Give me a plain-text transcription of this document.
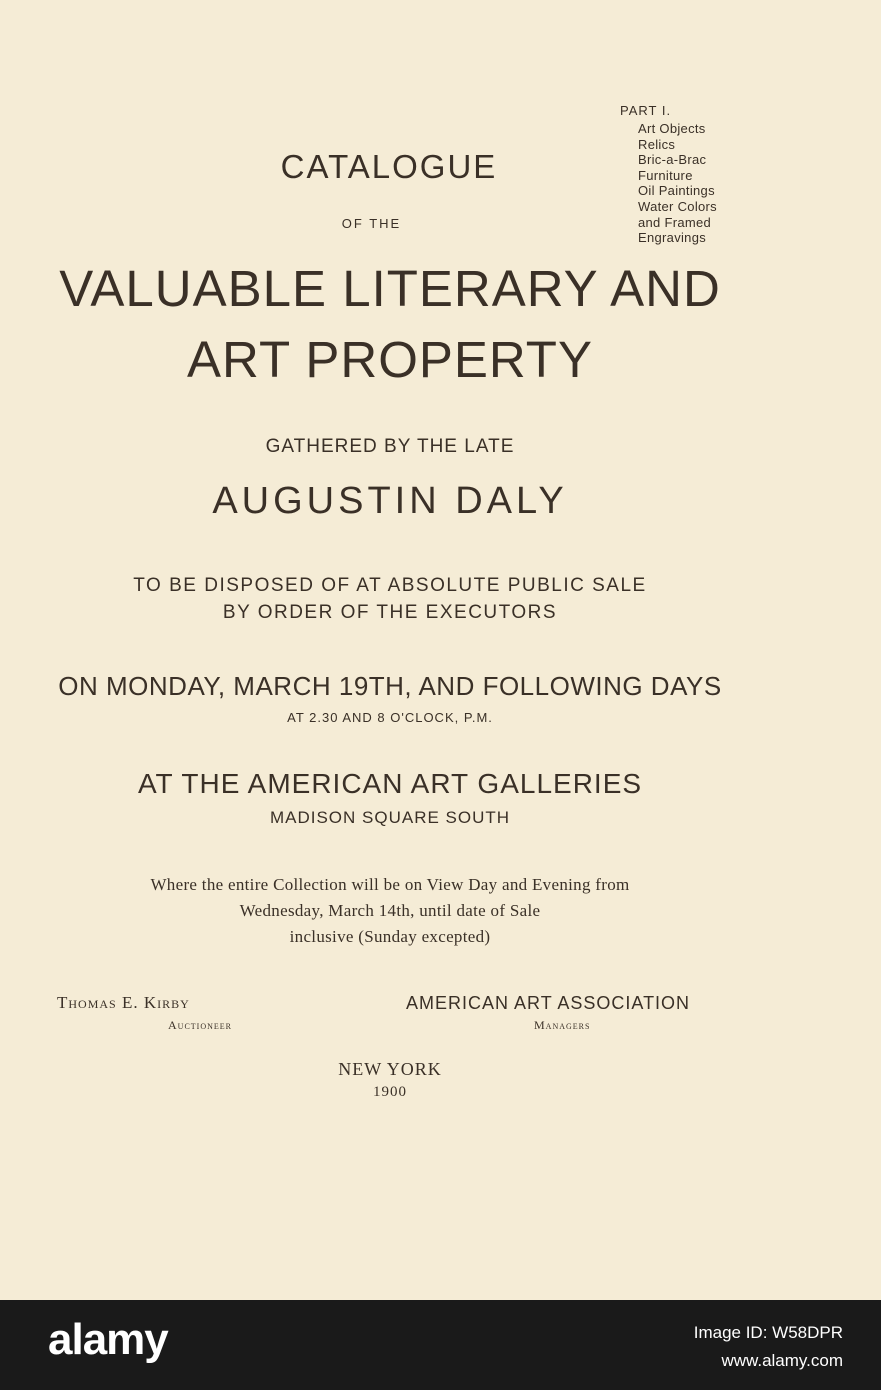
PART I.

Art Objects
Relics
Bric-a-Brac
Furniture
Oil Paintings
Water Colors
and Framed
Engravings

CATALOGUE

OF THE

VALUABLE LITERARY AND

ART PROPERTY

GATHERED BY THE LATE

AUGUSTIN DALY

TO BE DISPOSED OF AT ABSOLUTE PUBLIC SALE

BY ORDER OF THE EXECUTORS

ON MONDAY, MARCH 19TH, AND FOLLOWING DAYS

AT 2.30 AND 8 O'CLOCK, P.M.

AT THE AMERICAN ART GALLERIES

MADISON SQUARE SOUTH

Where the entire Collection will be on View Day and Evening from

Wednesday, March 14th, until date of Sale

inclusive (Sunday excepted)

Thomas E. Kirby

Auctioneer

AMERICAN ART ASSOCIATION

Managers

NEW YORK

1900

alamy	Image ID: W58DPR
www.alamy.com
